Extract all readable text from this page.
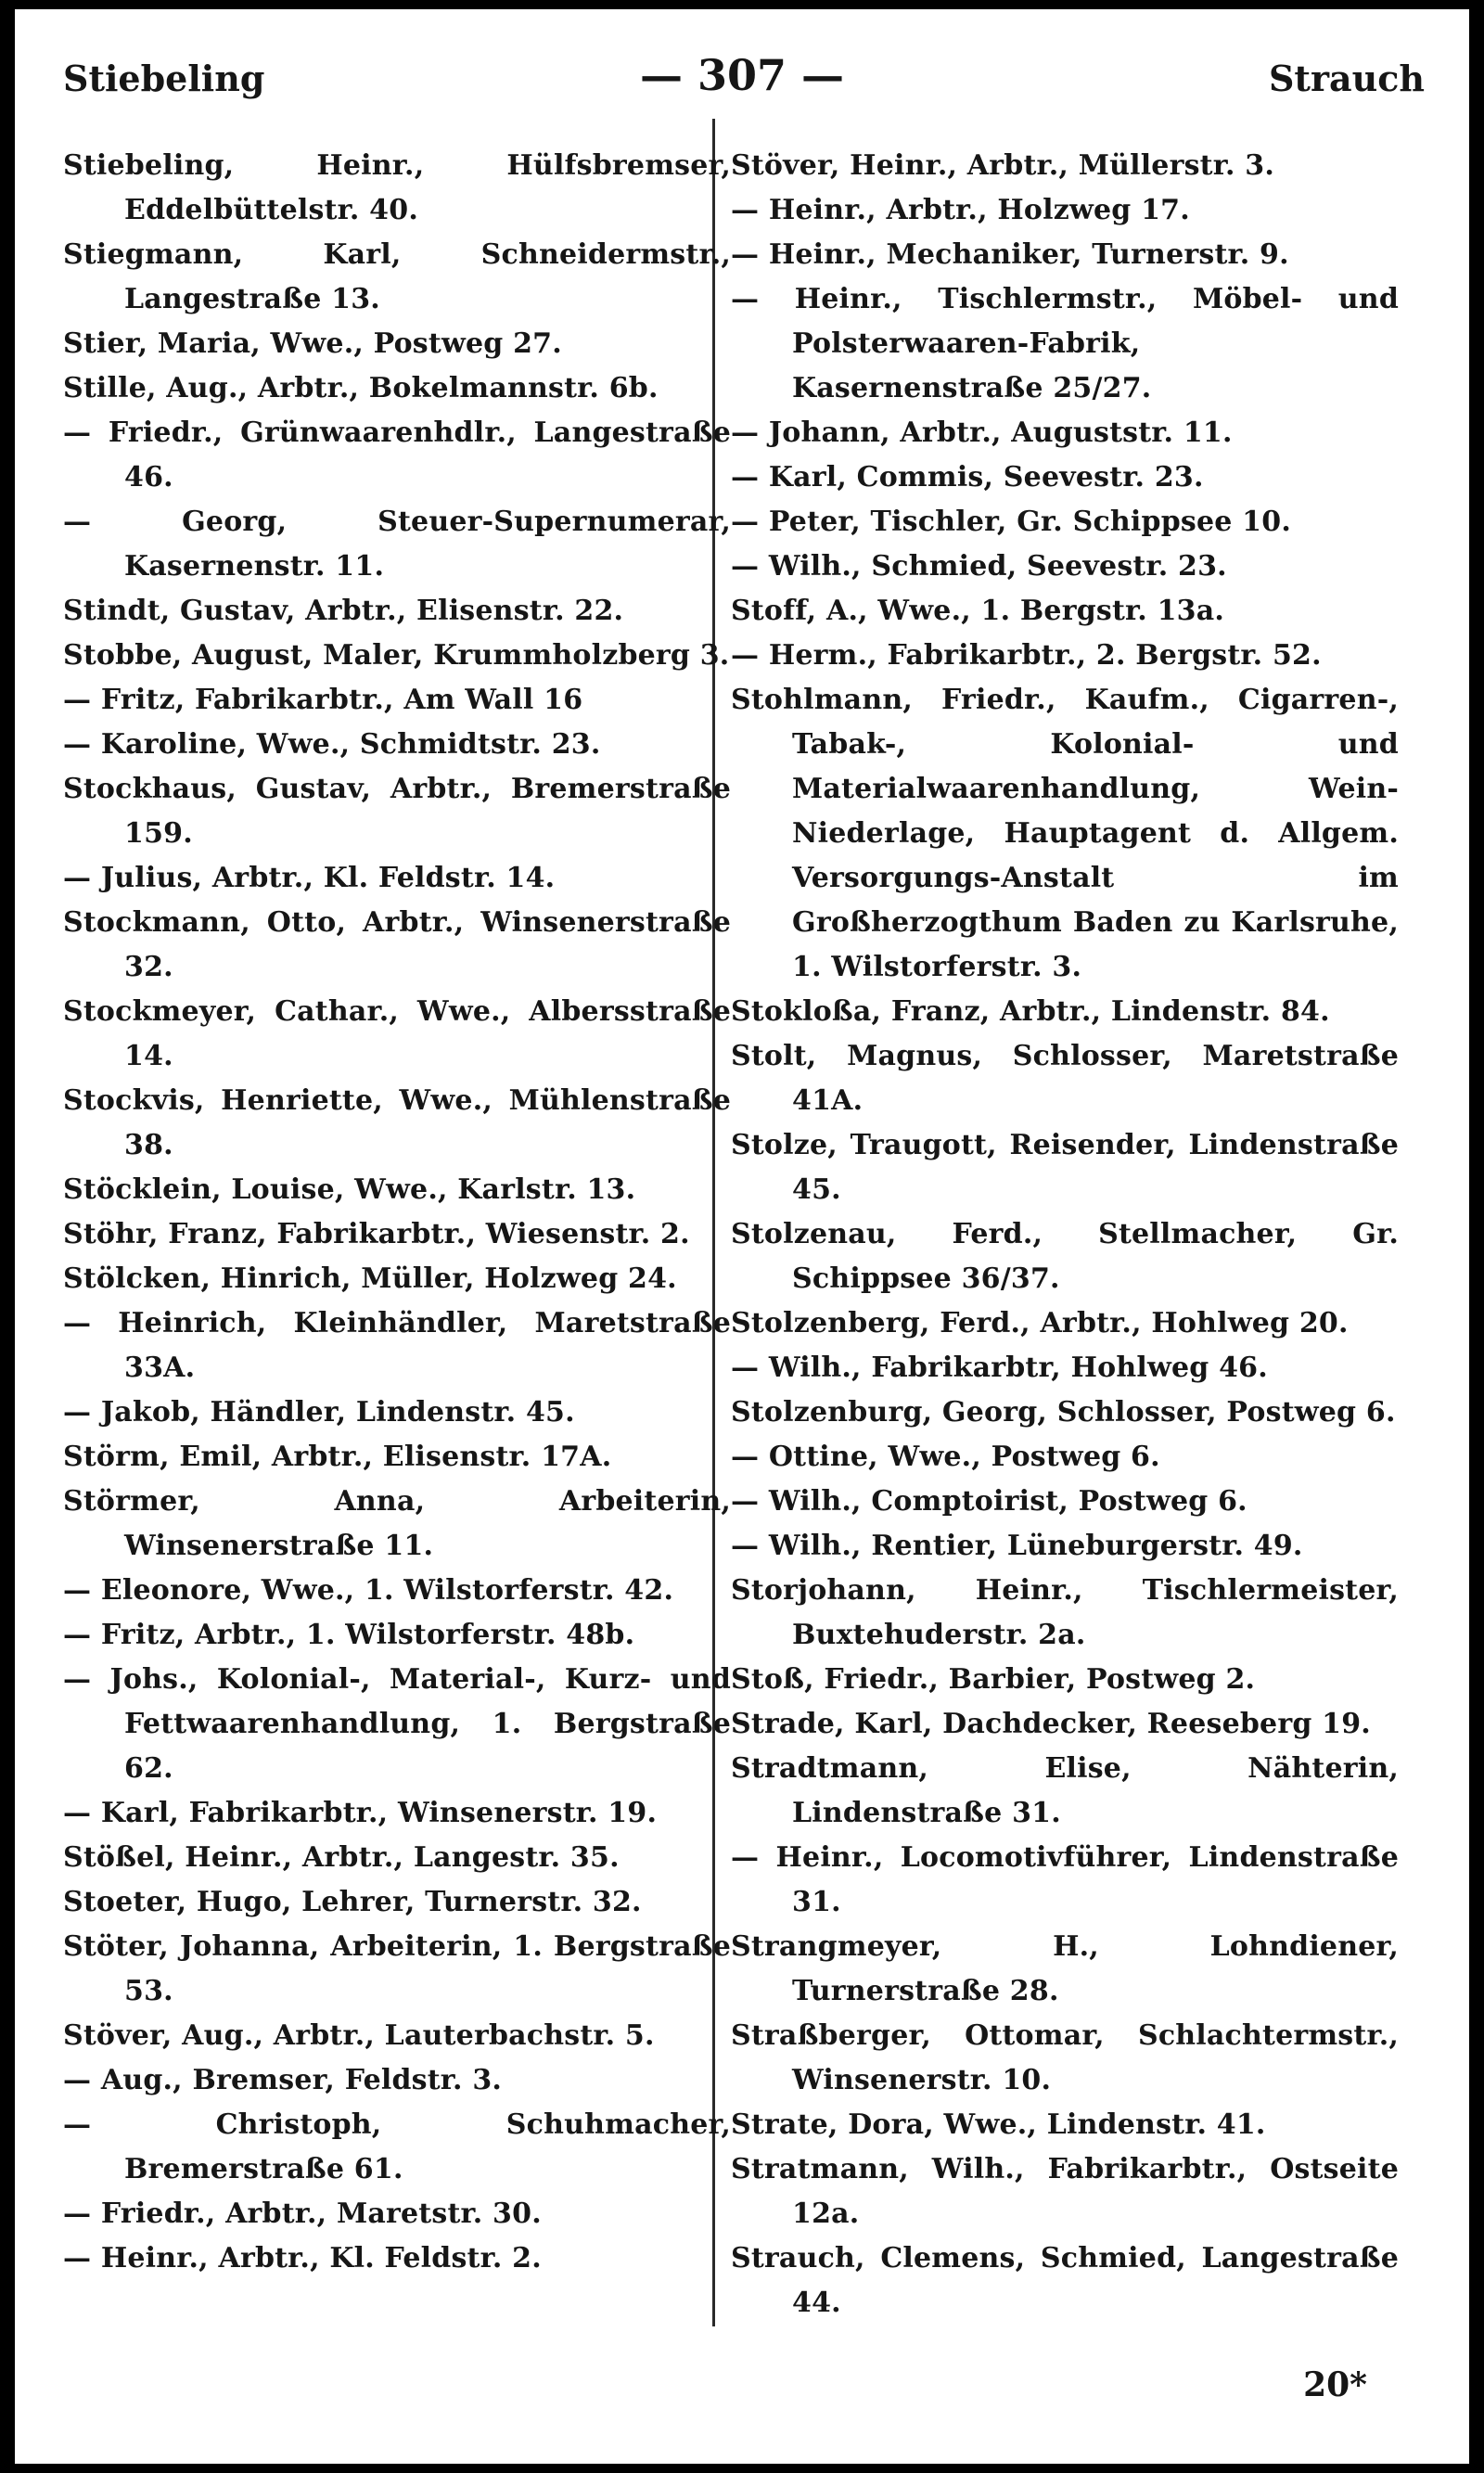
Stiebeling	— 307 —	Strauch

Stiebeling, Heinr., Hülfsbremser, Eddelbüttelstr. 40.

Stiegmann, Karl, Schneidermstr., Langestraße 13.

Stier, Maria, Wwe., Postweg 27.

Stille, Aug., Arbtr., Bokelmannstr. 6b.

— Friedr., Grünwaarenhdlr., Langestraße 46.

— Georg, Steuer-Supernumerar, Kasernenstr. 11.

Stindt, Gustav, Arbtr., Elisenstr. 22.

Stobbe, August, Maler, Krummholzberg 3.

— Fritz, Fabrikarbtr., Am Wall 16

— Karoline, Wwe., Schmidtstr. 23.

Stockhaus, Gustav, Arbtr., Bremerstraße 159.

— Julius, Arbtr., Kl. Feldstr. 14.

Stockmann, Otto, Arbtr., Winsenerstraße 32.

Stockmeyer, Cathar., Wwe., Albersstraße 14.

Stockvis, Henriette, Wwe., Mühlenstraße 38.

Stöcklein, Louise, Wwe., Karlstr. 13.

Stöhr, Franz, Fabrikarbtr., Wiesenstr. 2.

Stölcken, Hinrich, Müller, Holzweg 24.

— Heinrich, Kleinhändler, Maretstraße 33A.

— Jakob, Händler, Lindenstr. 45.

Störm, Emil, Arbtr., Elisenstr. 17A.

Störmer, Anna, Arbeiterin, Winsenerstraße 11.

— Eleonore, Wwe., 1. Wilstorferstr. 42.

— Fritz, Arbtr., 1. Wilstorferstr. 48b.

— Johs., Kolonial-, Material-, Kurz- und Fettwaarenhandlung, 1. Bergstraße 62.

— Karl, Fabrikarbtr., Winsenerstr. 19.

Stößel, Heinr., Arbtr., Langestr. 35.

Stoeter, Hugo, Lehrer, Turnerstr. 32.

Stöter, Johanna, Arbeiterin, 1. Bergstraße 53.

Stöver, Aug., Arbtr., Lauterbachstr. 5.

— Aug., Bremser, Feldstr. 3.

— Christoph, Schuhmacher, Bremerstraße 61.

— Friedr., Arbtr., Maretstr. 30.

— Heinr., Arbtr., Kl. Feldstr. 2.

Stöver, Heinr., Arbtr., Müllerstr. 3.

— Heinr., Arbtr., Holzweg 17.

— Heinr., Mechaniker, Turnerstr. 9.

— Heinr., Tischlermstr., Möbel- und Polsterwaaren-Fabrik, Kasernenstraße 25/27.

— Johann, Arbtr., Auguststr. 11.

— Karl, Commis, Seevestr. 23.

— Peter, Tischler, Gr. Schippsee 10.

— Wilh., Schmied, Seevestr. 23.

Stoff, A., Wwe., 1. Bergstr. 13a.

— Herm., Fabrikarbtr., 2. Bergstr. 52.

Stohlmann, Friedr., Kaufm., Cigarren-, Tabak-, Kolonial- und Materialwaarenhandlung, Wein-Niederlage, Hauptagent d. Allgem. Versorgungs-Anstalt im Großherzogthum Baden zu Karlsruhe, 1. Wilstorferstr. 3.

Stokloßa, Franz, Arbtr., Lindenstr. 84.

Stolt, Magnus, Schlosser, Maretstraße 41A.

Stolze, Traugott, Reisender, Lindenstraße 45.

Stolzenau, Ferd., Stellmacher, Gr. Schippsee 36/37.

Stolzenberg, Ferd., Arbtr., Hohlweg 20.

— Wilh., Fabrikarbtr, Hohlweg 46.

Stolzenburg, Georg, Schlosser, Postweg 6.

— Ottine, Wwe., Postweg 6.

— Wilh., Comptoirist, Postweg 6.

— Wilh., Rentier, Lüneburgerstr. 49.

Storjohann, Heinr., Tischlermeister, Buxtehuderstr. 2a.

Stoß, Friedr., Barbier, Postweg 2.

Strade, Karl, Dachdecker, Reeseberg 19.

Stradtmann, Elise, Nähterin, Lindenstraße 31.

— Heinr., Locomotivführer, Lindenstraße 31.

Strangmeyer, H., Lohndiener, Turnerstraße 28.

Straßberger, Ottomar, Schlachtermstr., Winsenerstr. 10.

Strate, Dora, Wwe., Lindenstr. 41.

Stratmann, Wilh., Fabrikarbtr., Ostseite 12a.

Strauch, Clemens, Schmied, Langestraße 44.

20*
